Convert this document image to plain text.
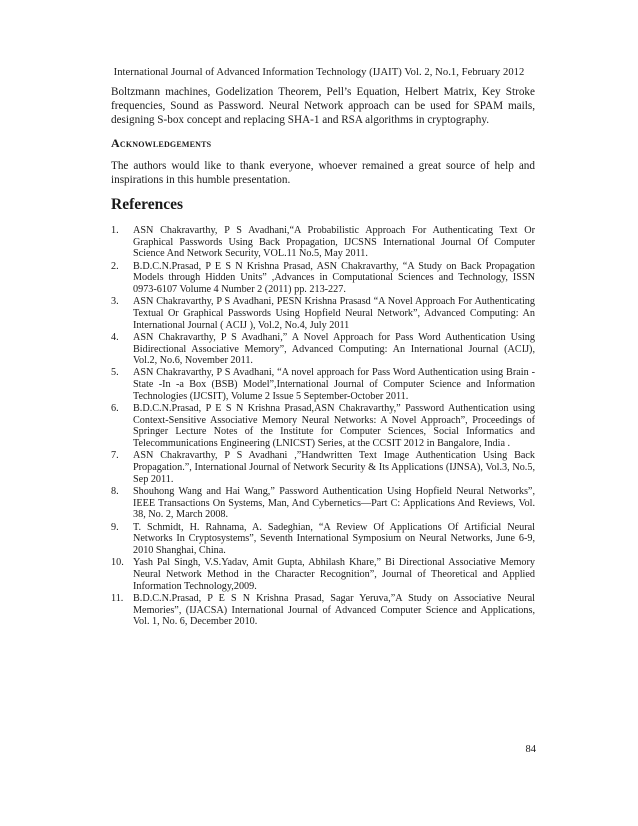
International Journal of Advanced Information Technology (IJAIT) Vol. 2, No.1, February 2012

Boltzmann machines, Godelization Theorem, Pell’s Equation, Helbert Matrix, Key Stroke frequencies, Sound as Password. Neural Network approach can be used for SPAM mails, designing S-box concept and replacing SHA-1 and RSA algorithms in cryptography.

Acknowledgements

The authors would like to thank everyone, whoever remained a great source of help and inspirations in this humble presentation.

References
1. ASN Chakravarthy, P S Avadhani,“A Probabilistic Approach For Authenticating Text Or Graphical Passwords Using Back Propagation, IJCSNS International Journal Of Computer Science And Network Security, VOL.11 No.5, May 2011.
2. B.D.C.N.Prasad, P E S N Krishna Prasad, ASN Chakravarthy, “A Study on Back Propagation Models through Hidden Units” ,Advances in Computational Sciences and Technology, ISSN 0973-6107 Volume 4 Number 2 (2011) pp. 213-227.
3. ASN Chakravarthy, P S Avadhani, PESN Krishna Prasasd “A Novel Approach For Authenticating Textual Or Graphical Passwords Using Hopfield Neural Network”, Advanced Computing: An International Journal ( ACIJ ), Vol.2, No.4, July 2011
4. ASN Chakravarthy, P S Avadhani,” A Novel Approach for Pass Word Authentication Using Bidirectional Associative Memory”, Advanced Computing: An International Journal (ACIJ), Vol.2, No.6, November 2011.
5. ASN Chakravarthy, P S Avadhani, “A novel approach for Pass Word Authentication using Brain -State -In -a Box (BSB) Model”,International Journal of Computer Science and Information Technologies (IJCSIT), Volume 2 Issue 5 September-October 2011.
6. B.D.C.N.Prasad, P E S N Krishna Prasad,ASN Chakravarthy,” Password Authentication using Context-Sensitive Associative Memory Neural Networks: A Novel Approach”, Proceedings of Springer Lecture Notes of the Institute for Computer Sciences, Social Informatics and Telecommunications Engineering (LNICST) Series, at the CCSIT 2012 in Bangalore, India .
7. ASN Chakravarthy, P S Avadhani ,”Handwritten Text Image Authentication Using Back Propagation.”, International Journal of Network Security & Its Applications (IJNSA), Vol.3, No.5, Sep 2011.
8. Shouhong Wang and Hai Wang,” Password Authentication Using Hopfield Neural Networks”, IEEE Transactions On Systems, Man, And Cybernetics—Part C: Applications And Reviews, Vol. 38, No. 2, March 2008.
9. T. Schmidt, H. Rahnama, A. Sadeghian, “A Review Of Applications Of Artificial Neural Networks In Cryptosystems”, Seventh International Symposium on Neural Networks, June 6-9, 2010 Shanghai, China.
10. Yash Pal Singh, V.S.Yadav, Amit Gupta, Abhilash Khare,” Bi Directional Associative Memory Neural Network Method in the Character Recognition”, Journal of Theoretical and Applied Information Technology,2009.
11. B.D.C.N.Prasad, P E S N Krishna Prasad, Sagar Yeruva,”A Study on Associative Neural Memories”, (IJACSA) International Journal of Advanced Computer Science and Applications, Vol. 1, No. 6, December 2010.
84
